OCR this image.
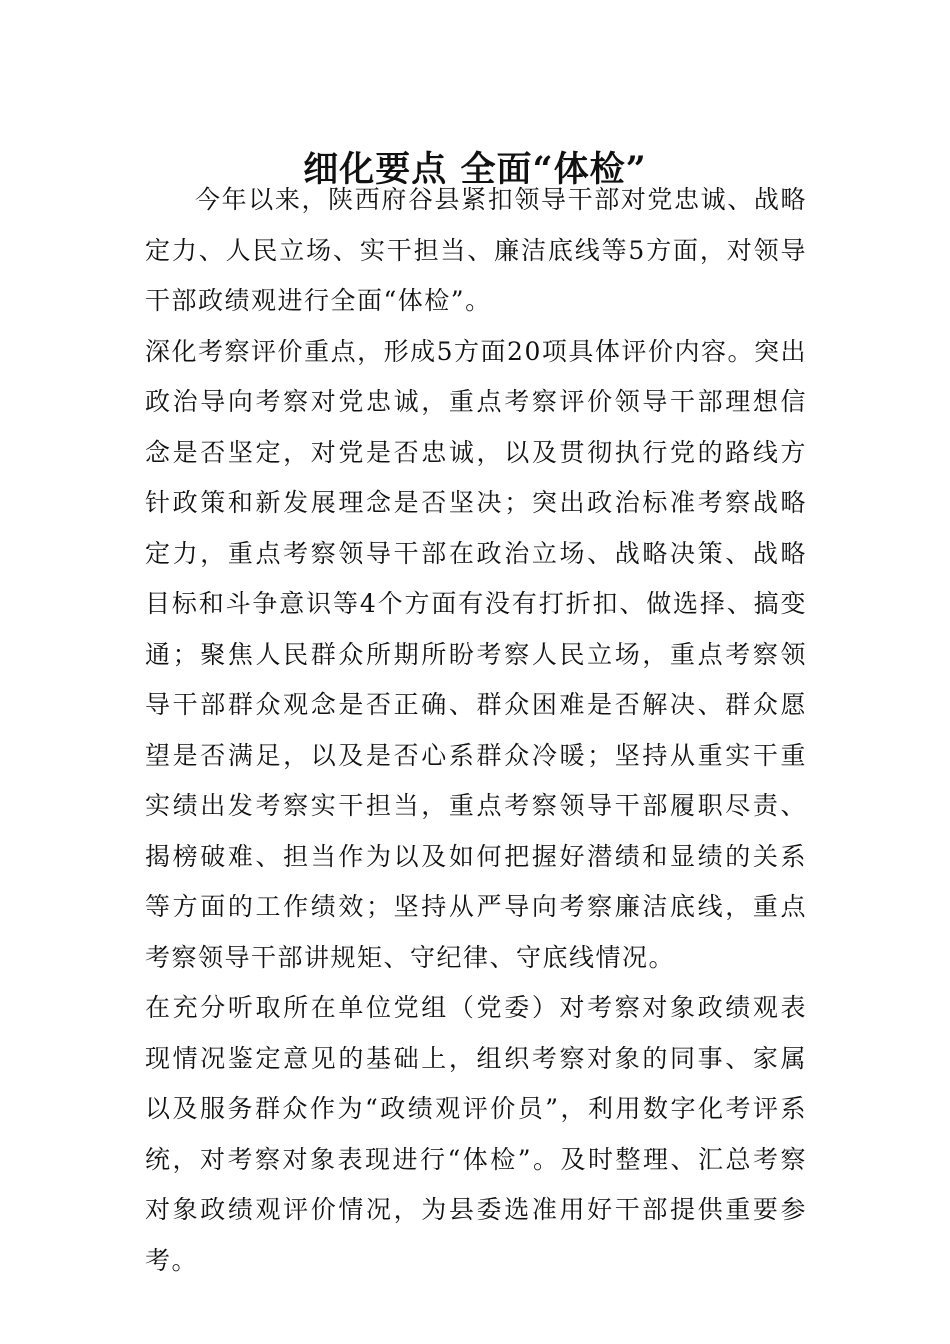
细化要点 全面“体检”

今年以来，陕西府谷县紧扣领导干部对党忠诚、战略定力、人民立场、实干担当、廉洁底线等5方面，对领导干部政绩观进行全面“体检”。

深化考察评价重点，形成5方面20项具体评价内容。突出政治导向考察对党忠诚，重点考察评价领导干部理想信念是否坚定，对党是否忠诚，以及贯彻执行党的路线方针政策和新发展理念是否坚决；突出政治标准考察战略定力，重点考察领导干部在政治立场、战略决策、战略目标和斗争意识等4个方面有没有打折扣、做选择、搞变通；聚焦人民群众所期所盼考察人民立场，重点考察领导干部群众观念是否正确、群众困难是否解决、群众愿望是否满足，以及是否心系群众冷暖；坚持从重实干重实绩出发考察实干担当，重点考察领导干部履职尽责、揭榜破难、担当作为以及如何把握好潜绩和显绩的关系等方面的工作绩效；坚持从严导向考察廉洁底线，重点考察领导干部讲规矩、守纪律、守底线情况。

在充分听取所在单位党组（党委）对考察对象政绩观表现情况鉴定意见的基础上，组织考察对象的同事、家属以及服务群众作为“政绩观评价员”，利用数字化考评系统，对考察对象表现进行“体检”。及时整理、汇总考察对象政绩观评价情况，为县委选准用好干部提供重要参考。
